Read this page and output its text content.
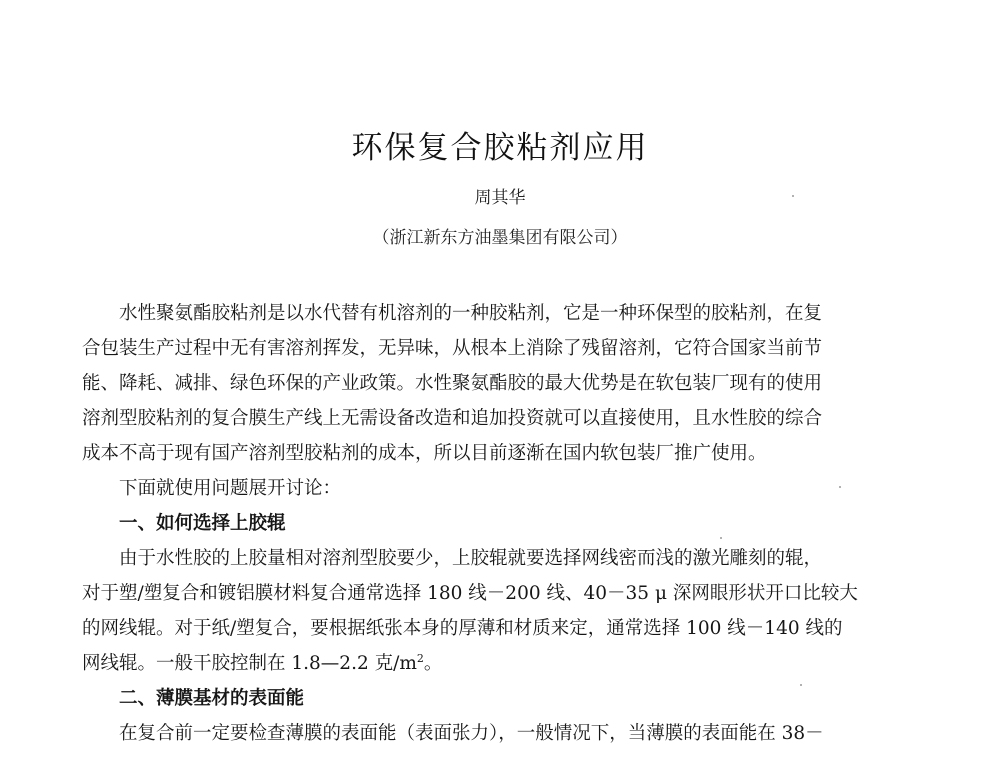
环保复合胶粘剂应用
周其华
（浙江新东方油墨集团有限公司）
水性聚氨酯胶粘剂是以水代替有机溶剂的一种胶粘剂，它是一种环保型的胶粘剂，在复
合包装生产过程中无有害溶剂挥发，无异味，从根本上消除了残留溶剂，它符合国家当前节
能、降耗、减排、绿色环保的产业政策。水性聚氨酯胶的最大优势是在软包装厂现有的使用
溶剂型胶粘剂的复合膜生产线上无需设备改造和追加投资就可以直接使用，且水性胶的综合
成本不高于现有国产溶剂型胶粘剂的成本，所以目前逐渐在国内软包装厂推广使用。
下面就使用问题展开讨论：
一、如何选择上胶辊
由于水性胶的上胶量相对溶剂型胶要少，上胶辊就要选择网线密而浅的激光雕刻的辊，
对于塑/塑复合和镀铝膜材料复合通常选择 180 线－200 线、40－35 μ 深网眼形状开口比较大
的网线辊。对于纸/塑复合，要根据纸张本身的厚薄和材质来定，通常选择 100 线－140 线的
网线辊。一般干胶控制在 1.8—2.2 克$/m^2$。
二、薄膜基材的表面能
在复合前一定要检查薄膜的表面能（表面张力），一般情况下，当薄膜的表面能在 38－
